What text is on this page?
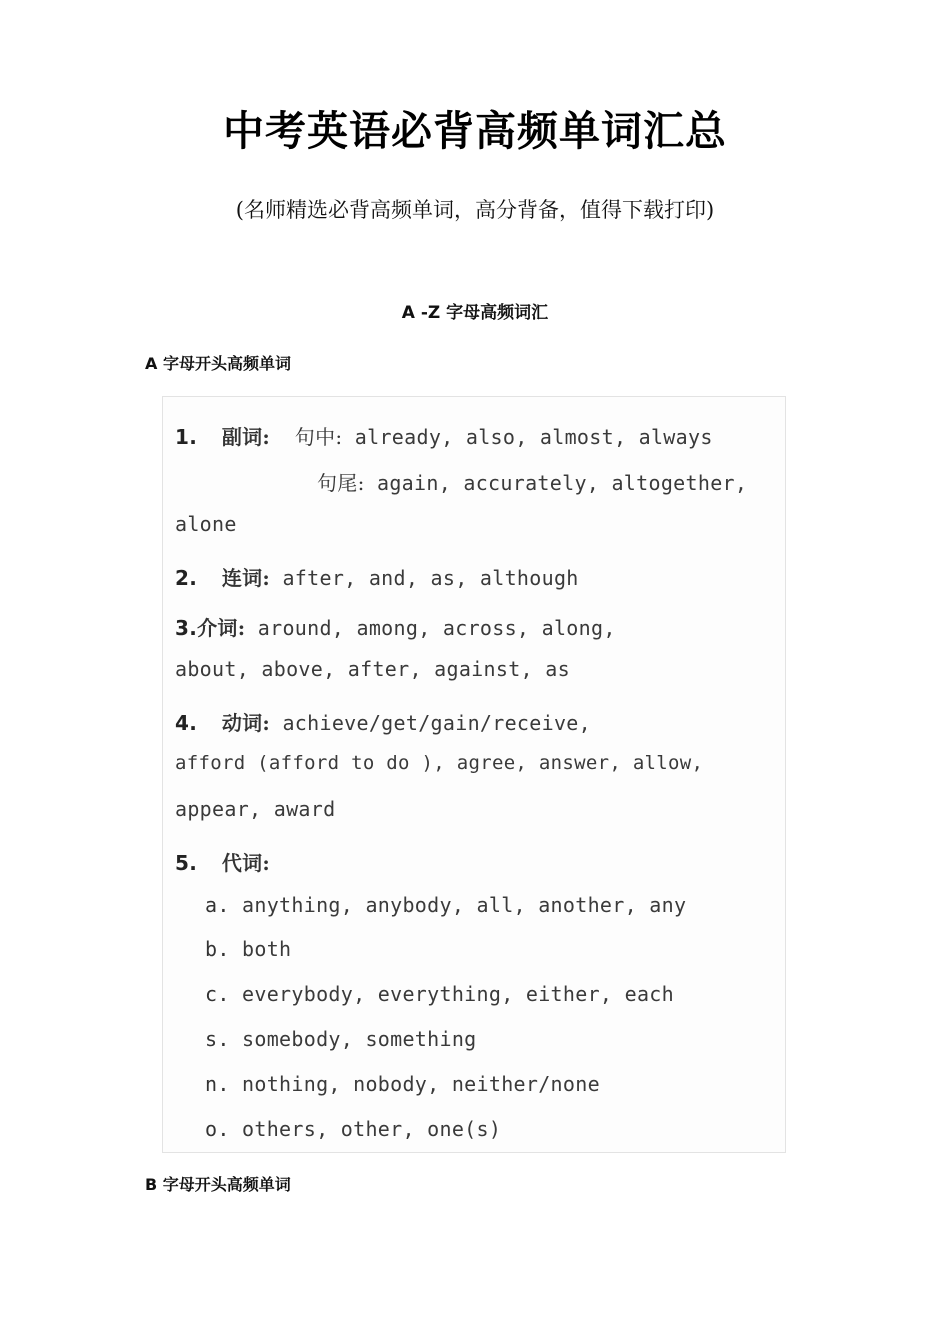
中考英语必背高频单词汇总
(名师精选必背高频单词，高分背备，值得下载打印)
A -Z 字母高频词汇
A 字母开头高频单词
1. 副词: 句中: already, also, almost, always
句尾: again, accurately, altogether,
alone
2. 连词: after, and, as, although
3.介词: around, among, across, along,
about, above, after, against, as
4. 动词: achieve/get/gain/receive,
afford (afford to do ), agree, answer, allow,
appear, award
5. 代词:
a. anything, anybody, all, another, any
b. both
c. everybody, everything, either, each
s. somebody, something
n. nothing, nobody, neither/none
o. others, other, one(s)
B 字母开头高频单词
